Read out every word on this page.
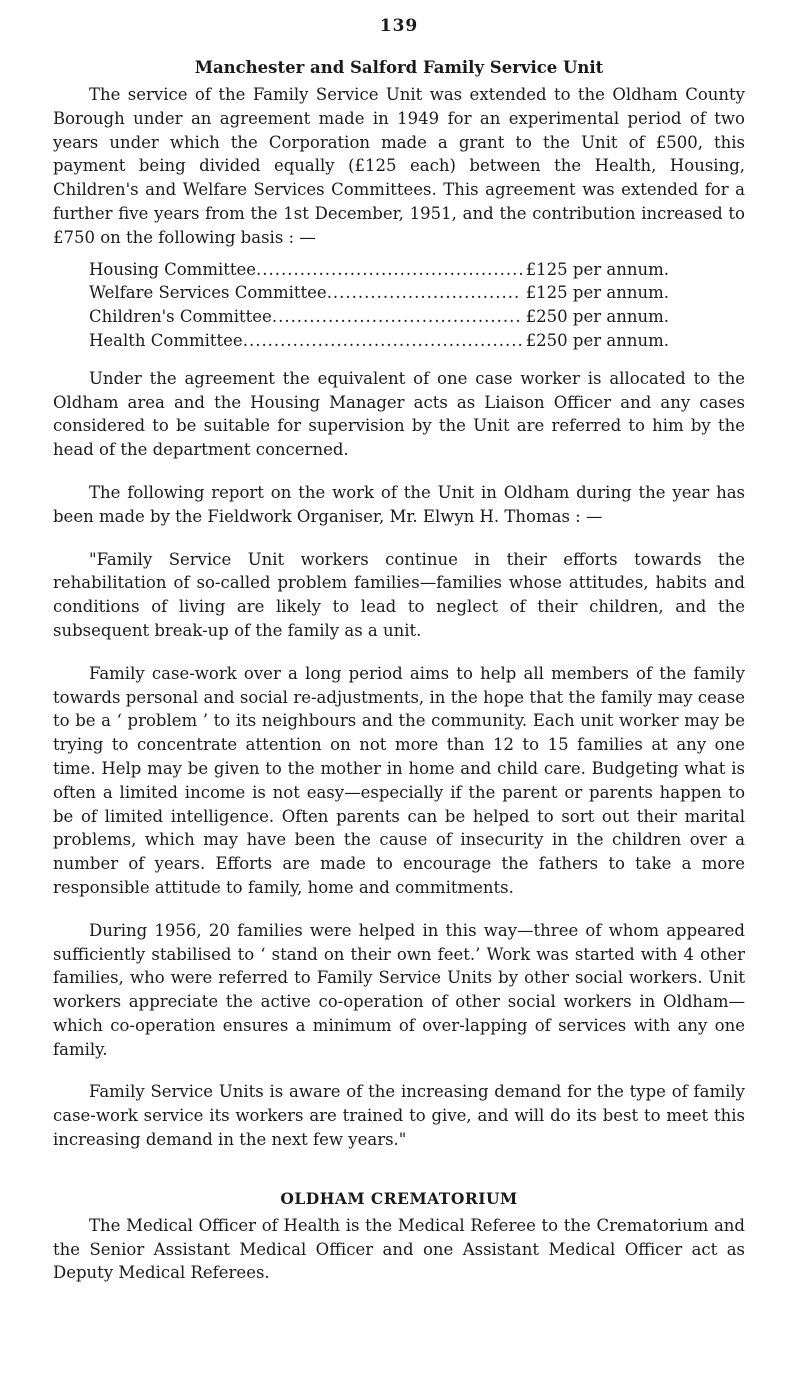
139
Manchester and Salford Family Service Unit

The service of the Family Service Unit was extended to the Oldham County Borough under an agreement made in 1949 for an experimental period of two years under which the Corporation made a grant to the Unit of £500, this payment being divided equally (£125 each) between the Health, Housing, Children's and Welfare Services Committees. This agreement was extended for a further five years from the 1st December, 1951, and the contribution increased to £750 on the following basis : —

Housing Committee .....	£125 per annum.
Welfare Services Committee .....	£125 per annum.
Children's Committee .....	£250 per annum.
Health Committee .....	£250 per annum.

Under the agreement the equivalent of one case worker is allocated to the Oldham area and the Housing Manager acts as Liaison Officer and any cases considered to be suitable for supervision by the Unit are referred to him by the head of the department concerned.

The following report on the work of the Unit in Oldham during the year has been made by the Fieldwork Organiser, Mr. Elwyn H. Thomas : —

"Family Service Unit workers continue in their efforts towards the rehabilitation of so-called problem families—families whose attitudes, habits and conditions of living are likely to lead to neglect of their children, and the subsequent break-up of the family as a unit.

Family case-work over a long period aims to help all members of the family towards personal and social re-adjustments, in the hope that the family may cease to be a ‘ problem ’ to its neighbours and the community. Each unit worker may be trying to concentrate attention on not more than 12 to 15 families at any one time. Help may be given to the mother in home and child care. Budgeting what is often a limited income is not easy—especially if the parent or parents happen to be of limited intelligence. Often parents can be helped to sort out their marital problems, which may have been the cause of insecurity in the children over a number of years. Efforts are made to encourage the fathers to take a more responsible attitude to family, home and commitments.

During 1956, 20 families were helped in this way—three of whom appeared sufficiently stabilised to ‘ stand on their own feet.’ Work was started with 4 other families, who were referred to Family Service Units by other social workers. Unit workers appreciate the active co-operation of other social workers in Oldham—which co-operation ensures a minimum of over-lapping of services with any one family.

Family Service Units is aware of the increasing demand for the type of family case-work service its workers are trained to give, and will do its best to meet this increasing demand in the next few years."

OLDHAM CREMATORIUM

The Medical Officer of Health is the Medical Referee to the Crematorium and the Senior Assistant Medical Officer and one Assistant Medical Officer act as Deputy Medical Referees.
